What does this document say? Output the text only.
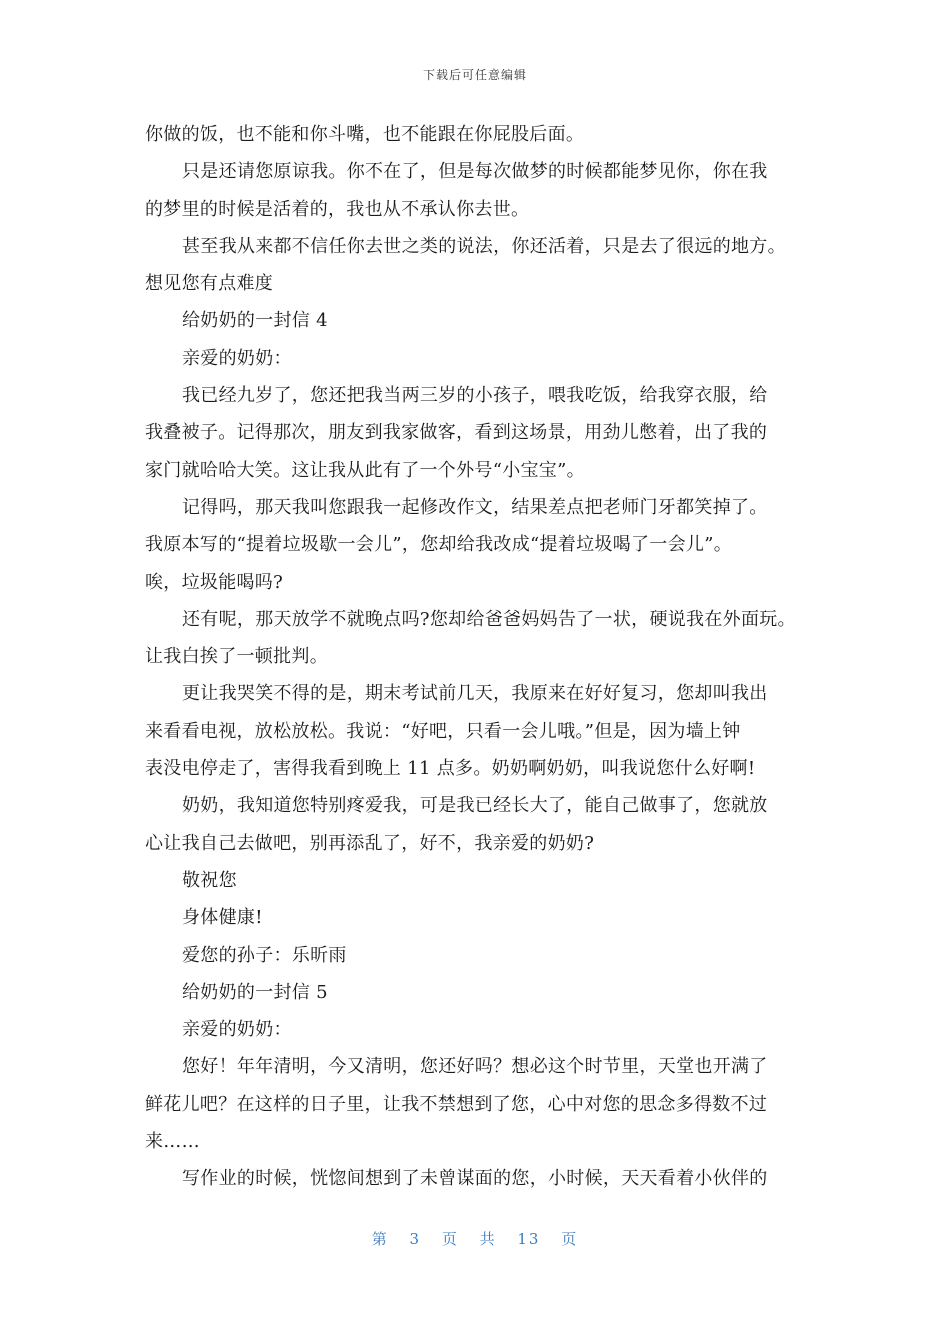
下载后可任意编辑
你做的饭，也不能和你斗嘴，也不能跟在你屁股后面。
只是还请您原谅我。你不在了，但是每次做梦的时候都能梦见你，你在我
的梦里的时候是活着的，我也从不承认你去世。
甚至我从来都不信任你去世之类的说法，你还活着，只是去了很远的地方。
想见您有点难度
给奶奶的一封信 4
亲爱的奶奶：
我已经九岁了，您还把我当两三岁的小孩子，喂我吃饭，给我穿衣服，给
我叠被子。记得那次，朋友到我家做客，看到这场景，用劲儿憋着，出了我的
家门就哈哈大笑。这让我从此有了一个外号“小宝宝”。
记得吗，那天我叫您跟我一起修改作文，结果差点把老师门牙都笑掉了。
我原本写的“提着垃圾歇一会儿”，您却给我改成“提着垃圾喝了一会儿”。
唉，垃圾能喝吗?
还有呢，那天放学不就晚点吗?您却给爸爸妈妈告了一状，硬说我在外面玩。
让我白挨了一顿批判。
更让我哭笑不得的是，期末考试前几天，我原来在好好复习，您却叫我出
来看看电视，放松放松。我说：“好吧，只看一会儿哦。”但是，因为墙上钟
表没电停走了，害得我看到晚上 11 点多。奶奶啊奶奶，叫我说您什么好啊!
奶奶，我知道您特别疼爱我，可是我已经长大了，能自己做事了，您就放
心让我自己去做吧，别再添乱了，好不，我亲爱的奶奶?
敬祝您
身体健康!
爱您的孙子：乐昕雨
给奶奶的一封信 5
亲爱的奶奶：
您好！年年清明，今又清明，您还好吗？想必这个时节里，天堂也开满了
鲜花儿吧？在这样的日子里，让我不禁想到了您，心中对您的思念多得数不过
来……
写作业的时候，恍惚间想到了未曾谋面的您，小时候，天天看着小伙伴的
第 3 页 共 13 页
